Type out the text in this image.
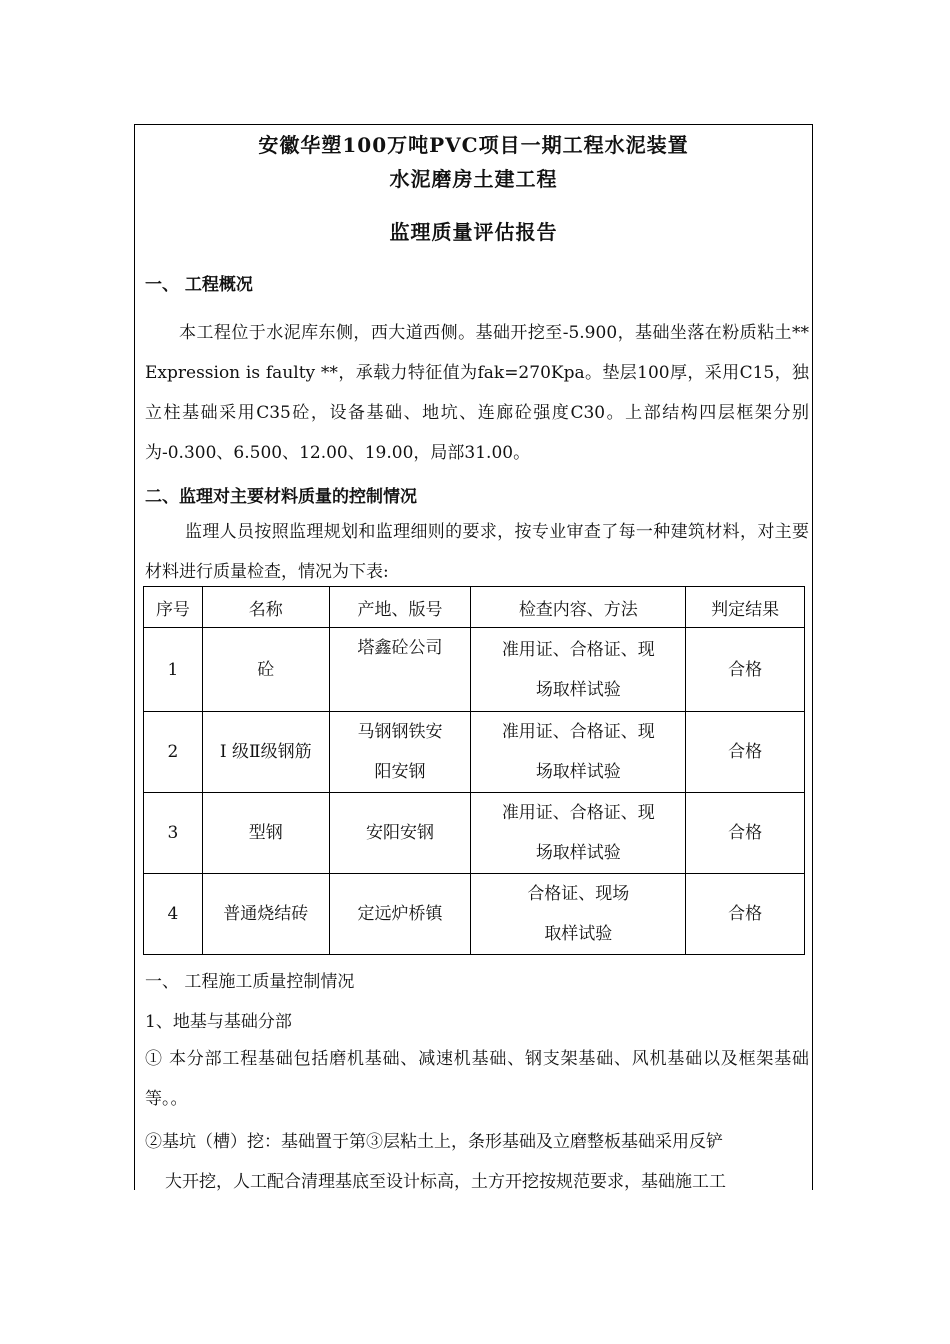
安徽华塑100万吨PVC项目一期工程水泥装置
水泥磨房土建工程
监理质量评估报告
一、 工程概况
本工程位于水泥库东侧，西大道西侧。基础开挖至-5.900，基础坐落在粉质粘土** Expression is faulty **，承载力特征值为fak=270Kpa。垫层100厚，采用C15，独立柱基础采用C35砼，设备基础、地坑、连廊砼强度C30。上部结构四层框架分别为-0.300、6.500、12.00、19.00，局部31.00。
二、监理对主要材料质量的控制情况
监理人员按照监理规划和监理细则的要求，按专业审查了每一种建筑材料，对主要材料进行质量检查，情况为下表:
序号	名称	产地、版号	检查内容、方法	判定结果
1	砼	塔鑫砼公司	准用证、合格证、现场取样试验	合格
2	Ⅰ 级Ⅱ级钢筋	马钢钢铁安阳安钢	准用证、合格证、现场取样试验	合格
3	型钢	安阳安钢	准用证、合格证、现场取样试验	合格
4	普通烧结砖	定远炉桥镇	合格证、现场取样试验	合格
一、 工程施工质量控制情况
1、地基与基础分部
① 本分部工程基础包括磨机基础、减速机基础、钢支架基础、风机基础以及框架基础等。。
②基坑（槽）挖：基础置于第③层粘土上，条形基础及立磨整板基础采用反铲
大开挖，人工配合清理基底至设计标高，土方开挖按规范要求，基础施工工
